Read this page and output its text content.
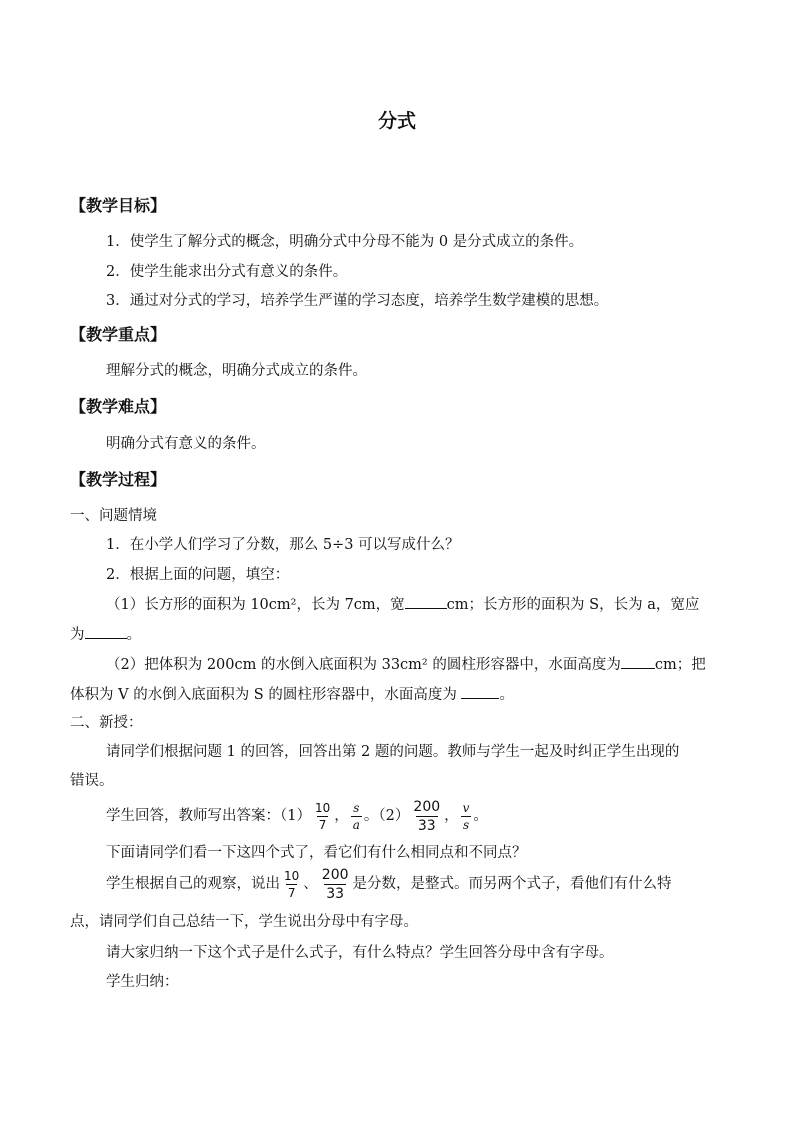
分式
【教学目标】
1．使学生了解分式的概念，明确分式中分母不能为 0 是分式成立的条件。
2．使学生能求出分式有意义的条件。
3．通过对分式的学习，培养学生严谨的学习态度，培养学生数学建模的思想。
【教学重点】
理解分式的概念，明确分式成立的条件。
【教学难点】
明确分式有意义的条件。
【教学过程】
一、问题情境
1．在小学人们学习了分数，那么 5÷3 可以写成什么？
2．根据上面的问题，填空：
（1）长方形的面积为 10cm²，长为 7cm，宽	cm；长方形的面积为 S，长为 a，宽应
为	。
（2）把体积为 200cm 的水倒入底面积为 33cm² 的圆柱形容器中，水面高度为 cm；把
体积为 V 的水倒入底面积为 S 的圆柱形容器中，水面高度为	。
二、新授：
请同学们根据问题 1 的回答，回答出第 2 题的问题。教师与学生一起及时纠正学生出现的
错误。
学生回答，教师写出答案：$(1) \frac{10}{7}$ ， $\frac{s}{a}$ 。$(2) \frac{200}{33}$ ， $\frac{v}{s}$ 。
下面请同学们看一下这四个式了，看它们有什么相同点和不同点？
学生根据自己的观察，说出 $\frac{10}{7}$ 、 $\frac{200}{33}$ 是分数，是整式。而另两个式子，看他们有什么特
点，请同学们自己总结一下，学生说出分母中有字母。
请大家归纳一下这个式子是什么式子，有什么特点？学生回答分母中含有字母。
学生归纳：
